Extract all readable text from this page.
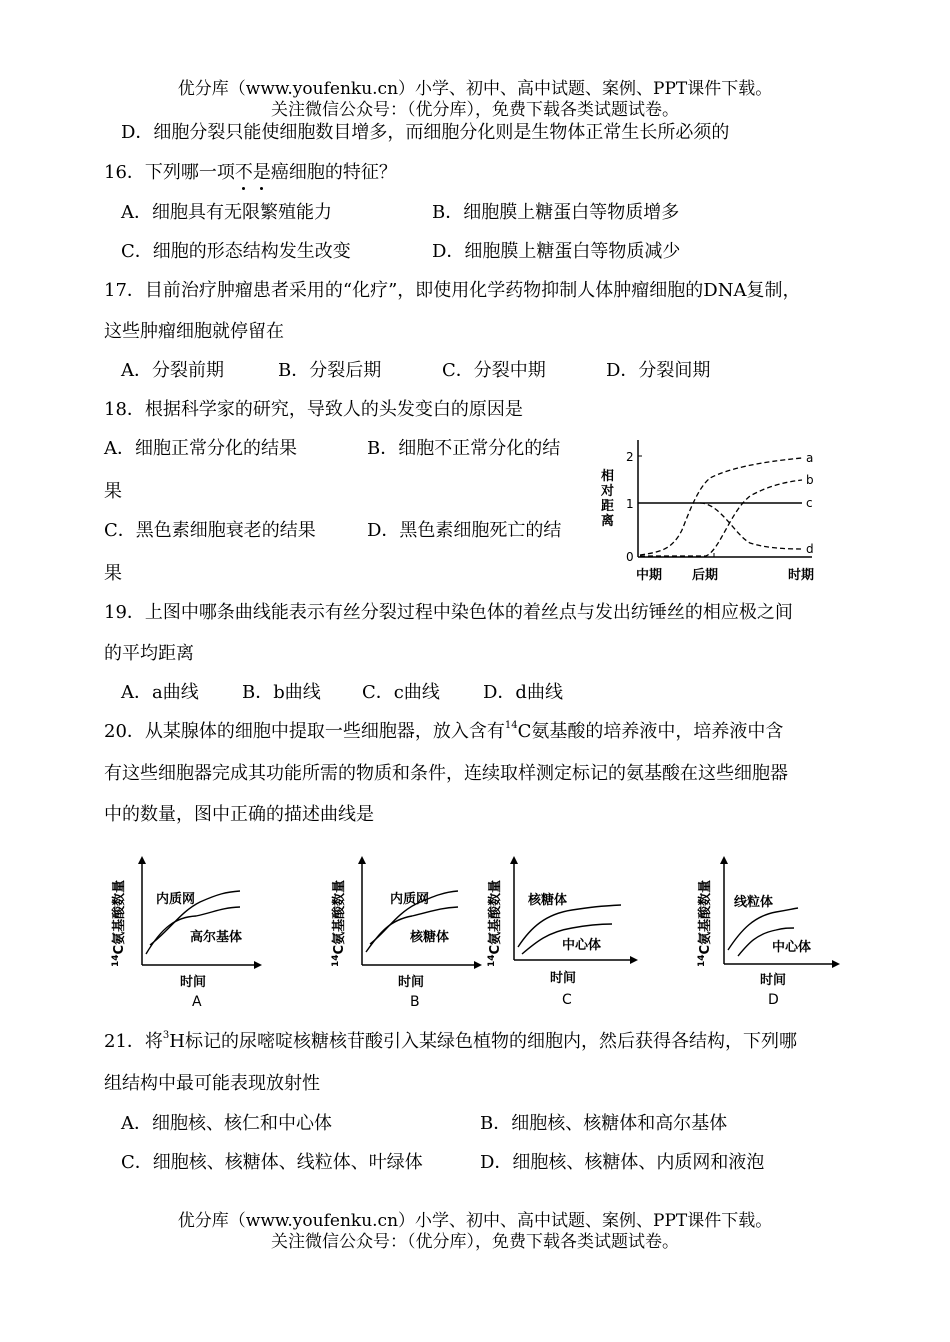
优分库（www.youfenku.cn）小学、初中、高中试题、案例、PPT课件下载。
关注微信公众号：（优分库），免费下载各类试题试卷。
D．细胞分裂只能使细胞数目增多，而细胞分化则是生物体正常生长所必须的
16．下列哪一项不是癌细胞的特征？
A．细胞具有无限繁殖能力	B．细胞膜上糖蛋白等物质增多
C．细胞的形态结构发生改变	D．细胞膜上糖蛋白等物质减少
17．目前治疗肿瘤患者采用的“化疗”，即使用化学药物抑制人体肿瘤细胞的DNA复制，
这些肿瘤细胞就停留在
A．分裂前期	B．分裂后期	C．分裂中期	D．分裂间期
18．根据科学家的研究，导致人的头发变白的原因是
A．细胞正常分化的结果	B．细胞不正常分化的结
果
C．黑色素细胞衰老的结果	D．黑色素细胞死亡的结
果
相
对
距
离
2
1
0
a
b
c
d
中期 后期	时期
19．上图中哪条曲线能表示有丝分裂过程中染色体的着丝点与发出纺锤丝的相应极之间
的平均距离
A．a曲线 B．b曲线 C．c曲线 D．d曲线
20．从某腺体的细胞中提取一些细胞器，放入含有$^{14}$C氨基酸的培养液中，培养液中含
有这些细胞器完成其功能所需的物质和条件，连续取样测定标记的氨基酸在这些细胞器
中的数量，图中正确的描述曲线是
$^{14}$C氨基酸数量 内质网
高尔基体
时间
A
$^{14}$C氨基酸数量	内质网
核糖体
时间
B
$^{14}$C氨基酸数量 核糖体
中心体
时间
C
$^{14}$C氨基酸数量 线粒体
中心体
时间
D
21．将$^3$H标记的尿嘧啶核糖核苷酸引入某绿色植物的细胞内，然后获得各结构，下列哪
组结构中最可能表现放射性
A．细胞核、核仁和中心体	B．细胞核、核糖体和高尔基体
C．细胞核、核糖体、线粒体、叶绿体	D．细胞核、核糖体、内质网和液泡
优分库（www.youfenku.cn）小学、初中、高中试题、案例、PPT课件下载。
关注微信公众号：（优分库），免费下载各类试题试卷。
